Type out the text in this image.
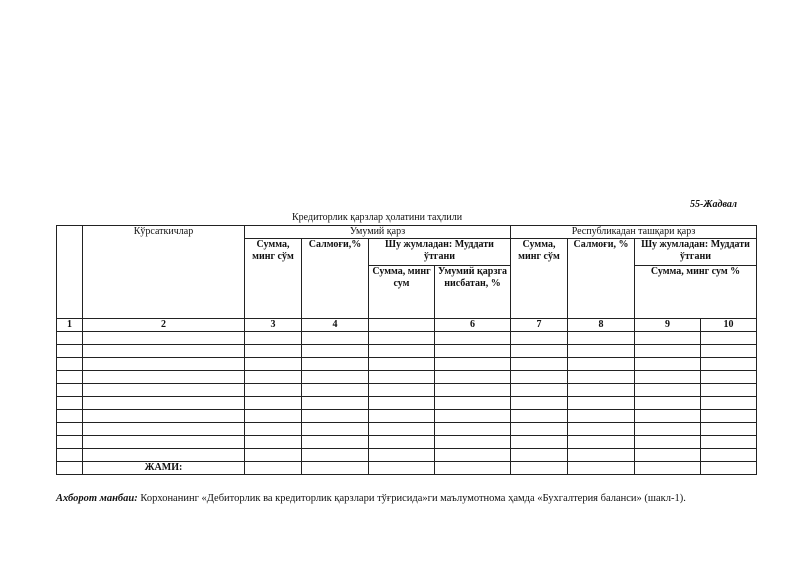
55-Жадвал
Кредиторлик қарзлар ҳолатини таҳлили
	Кўрсаткичлар	Умумий қарз				Республикадан ташқари қарз			
		Сумма, минг сўм	Салмоғи,%	Шу жумладан: Муддати ўтгани		Сумма, минг сўм	Салмоғи, %	Шу жумладан: Муддати ўтгани	
				Сумма, минг сум	Умумий қарзга нисбатан, %			Сумма, минг сум %	
1	2	3	4		6	7	8	9	10

	ЖАМИ:								
Ахборот манбаи: Корхонанинг «Дебиторлик ва кредиторлик қарзлари тўғрисида»ги маълумотнома ҳамда «Бухгалтерия баланси» (шакл-1).
